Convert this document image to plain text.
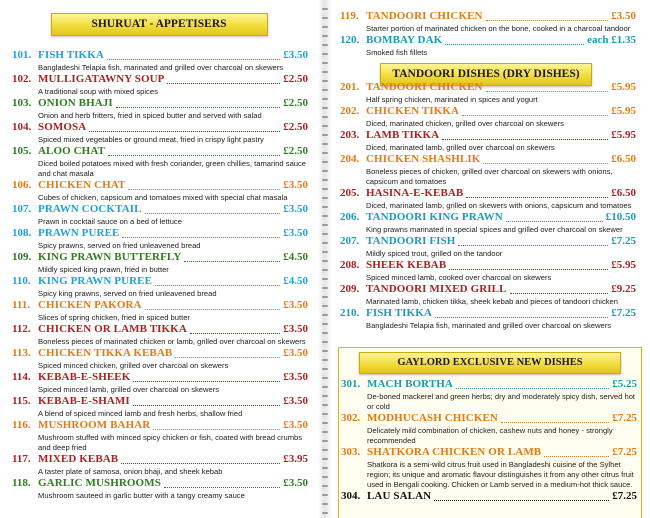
SHURUAT - APPETISERS
101. FISH TIKKA	£3.50
Bangladeshi Telapia fish, marinated and grilled over charcoal on skewers
102. MULLIGATAWNY SOUP	£2.50
A traditional soup with mixed spices
103. ONION BHAJI	£2.50
Onion and herb fritters, fried in spiced butter and served with salad
104. SOMOSA	£2.50
Spiced mixed vegetables or ground meat, fried in crispy light pastry
105. ALOO CHAT	£2.50
Diced boiled potatoes mixed with fresh coriander, green chillies, tamarind sauce and chat masala
106. CHICKEN CHAT	£3.50
Cubes of chicken, capsicum and tomatoes mixed with special chat masala
107. PRAWN COCKTAIL	£3.50
Prawn in cocktail sauce on a bed of lettuce
108. PRAWN PUREE	£3.50
Spicy prawns, served on fried unleavened bread
109. KING PRAWN BUTTERFLY	£4.50
Mildly spiced king prawn, fried in butter
110. KING PRAWN PUREE	£4.50
Spicy king prawns, served on fried unleavened bread
111. CHICKEN PAKORA	£3.50
Slices of spring chicken, fried in spiced butter
112. CHICKEN OR LAMB TIKKA	£3.50
Boneless pieces of marinated chicken or lamb, grilled over charcoal on skewers
113. CHICKEN TIKKA KEBAB	£3.50
Spiced minced chicken, grilled over charcoal on skewers
114. KEBAB-E-SHEEK	£3.50
Spiced minced lamb, grilled over charcoal on skewers
115. KEBAB-E-SHAMI	£3.50
A blend of spiced minced lamb and fresh herbs, shallow fried
116. MUSHROOM BAHAR	£3.50
Mushroom stuffed with minced spicy chicken or fish, coated with bread crumbs and deep fried
117. MIXED KEBAB	£3.95
A taster plate of samosa, onion bhaji, and sheek kebab
118. GARLIC MUSHROOMS	£3.50
Mushroom sauteed in garlic butter with a tangy creamy sauce
119. TANDOORI CHICKEN	£3.50
Starter portion of marinated chicken on the bone, cooked in a charcoal tandoor
120. BOMBAY DAK	each £1.35
Smoked fish fillets
TANDOORI DISHES (DRY DISHES)
201. TANDOORI CHICKEN	£5.95
Half spring chicken, marinated in spices and yogurt
202. CHICKEN TIKKA	£5.95
Diced, marinated chicken, grilled over charcoal on skewers
203. LAMB TIKKA	£5.95
Diced, marinated lamb, grilled over charcoal on skewers
204. CHICKEN SHASHLIK	£6.50
Boneless pieces of chicken, grilled over charcoal on skewers with onions, capsicum and tomatoes
205. HASINA-E-KEBAB	£6.50
Diced, marinated lamb, grilled on skewers with onions, capsicum and tomatoes
206. TANDOORI KING PRAWN	£10.50
King prawns marinated in special spices and grilled over charcoal on skewer
207. TANDOORI FISH	£7.25
Mildly spiced trout, grilled on the tandoor
208. SHEEK KEBAB	£5.95
Spiced minced lamb, cooked over charcoal on skewers
209. TANDOORI MIXED GRILL	£9.25
Marinated lamb, chicken tikka, sheek kebab and pieces of tandoori chicken
210. FISH TIKKA	£7.25
Bangladeshi Telapia fish, marinated and grilled over charcoal on skewers
GAYLORD EXCLUSIVE NEW DISHES
301. MACH BORTHA	£5.25
De-boned mackerel and green herbs; dry and moderately spicy dish, served hot or cold
302. MODHUCASH CHICKEN	£7.25
Delicately mild combination of chicken, cashew nuts and honey - strongly recommended
303. SHATKORA CHICKEN OR LAMB	£7.25
Shatkora is a semi-wild citrus fruit used in Bangladeshi cuisine of the Sylhet region; its unique and aromatic flavour distinguishes it from any other citrus fruit used in Bengali cooking. Chicken or Lamb served in a medium-hot thick sauce.
304. LAU SALAN	£7.25
